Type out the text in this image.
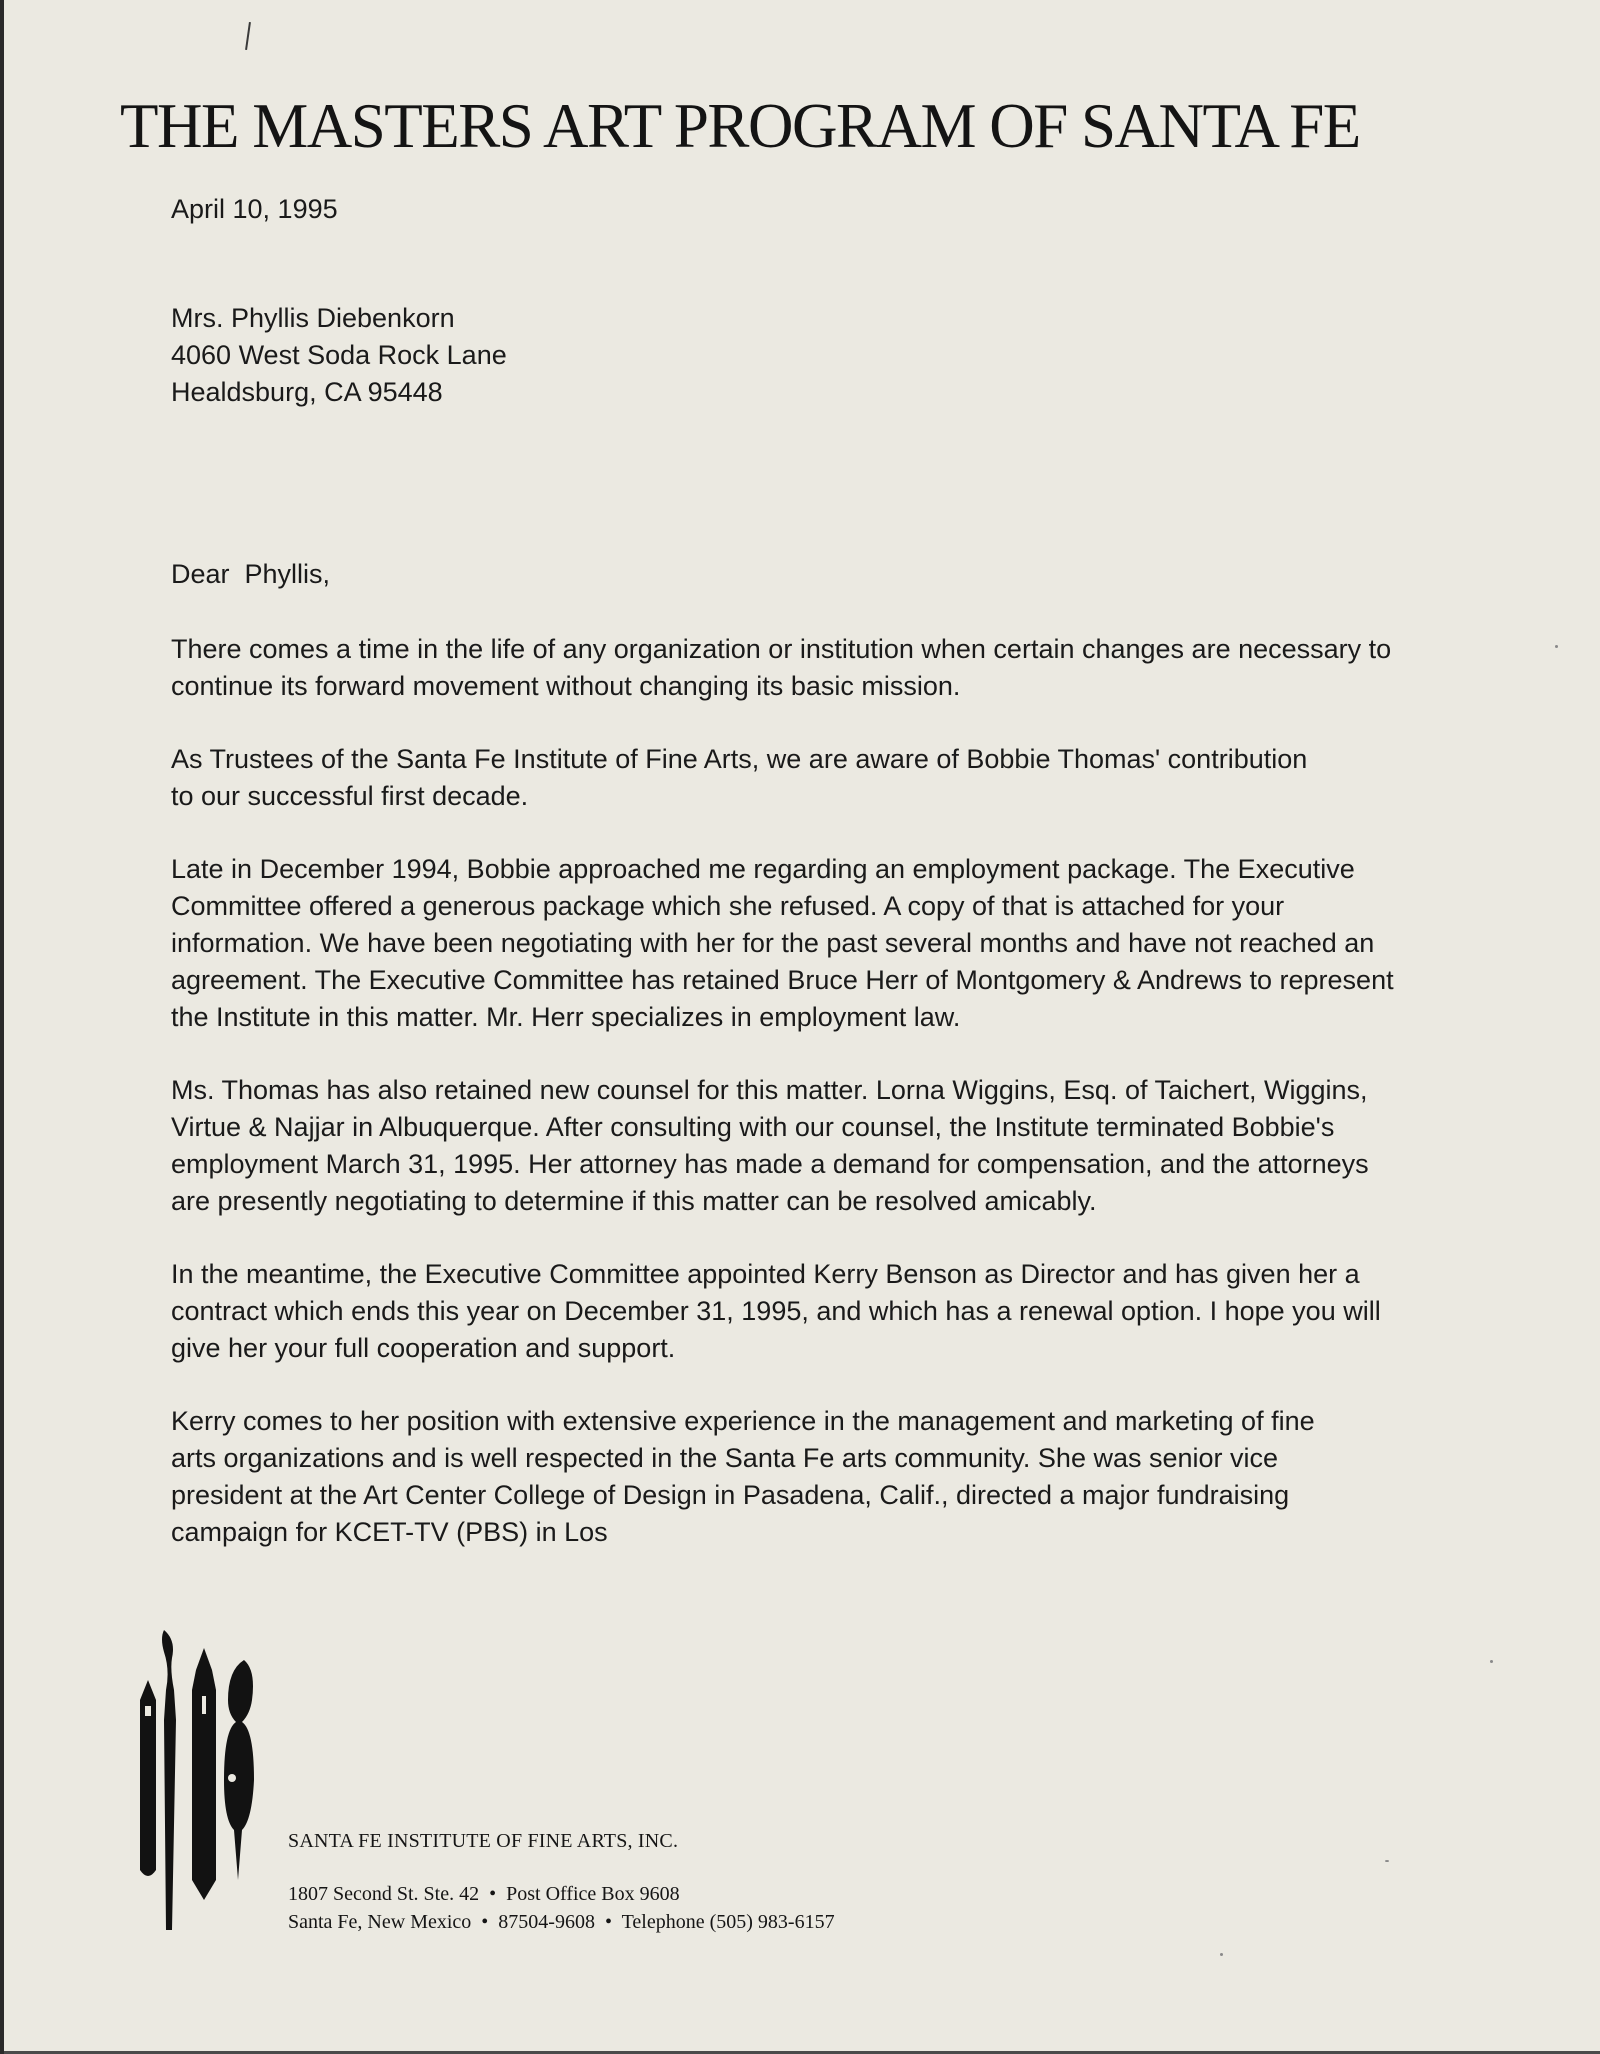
THE MASTERS ART PROGRAM OF SANTA FE
April 10, 1995
Mrs. Phyllis Diebenkorn
4060 West Soda Rock Lane
Healdsburg, CA 95448
Dear  Phyllis,

There comes a time in the life of any organization or institution when certain changes are necessary to continue its forward movement without changing its basic mission.

As Trustees of the Santa Fe Institute of Fine Arts, we are aware of Bobbie Thomas' contribution to our successful first decade.

Late in December 1994, Bobbie approached me regarding an employment package. The Executive Committee offered a generous package which she refused. A copy of that is attached for your information. We have been negotiating with her for the past several months and have not reached an agreement. The Executive Committee has retained Bruce Herr of Montgomery & Andrews to represent the Institute in this matter. Mr. Herr specializes in employment law.

Ms. Thomas has also retained new counsel for this matter. Lorna Wiggins, Esq. of Taichert, Wiggins, Virtue & Najjar in Albuquerque. After consulting with our counsel, the Institute terminated Bobbie's employment March 31, 1995. Her attorney has made a demand for compensation, and the attorneys are presently negotiating to determine if this matter can be resolved amicably.

In the meantime, the Executive Committee appointed Kerry Benson as Director and has given her a contract which ends this year on December 31, 1995, and which has a renewal option. I hope you will give her your full cooperation and support.

Kerry comes to her position with extensive experience in the management and marketing of fine arts organizations and is well respected in the Santa Fe arts community. She was senior vice president at the Art Center College of Design in Pasadena, Calif., directed a major fundraising campaign for KCET-TV (PBS) in Los

SANTA FE INSTITUTE OF FINE ARTS, INC.
1807 Second St. Ste. 42  •  Post Office Box 9608
Santa Fe, New Mexico  •  87504-9608  •  Telephone (505) 983-6157
